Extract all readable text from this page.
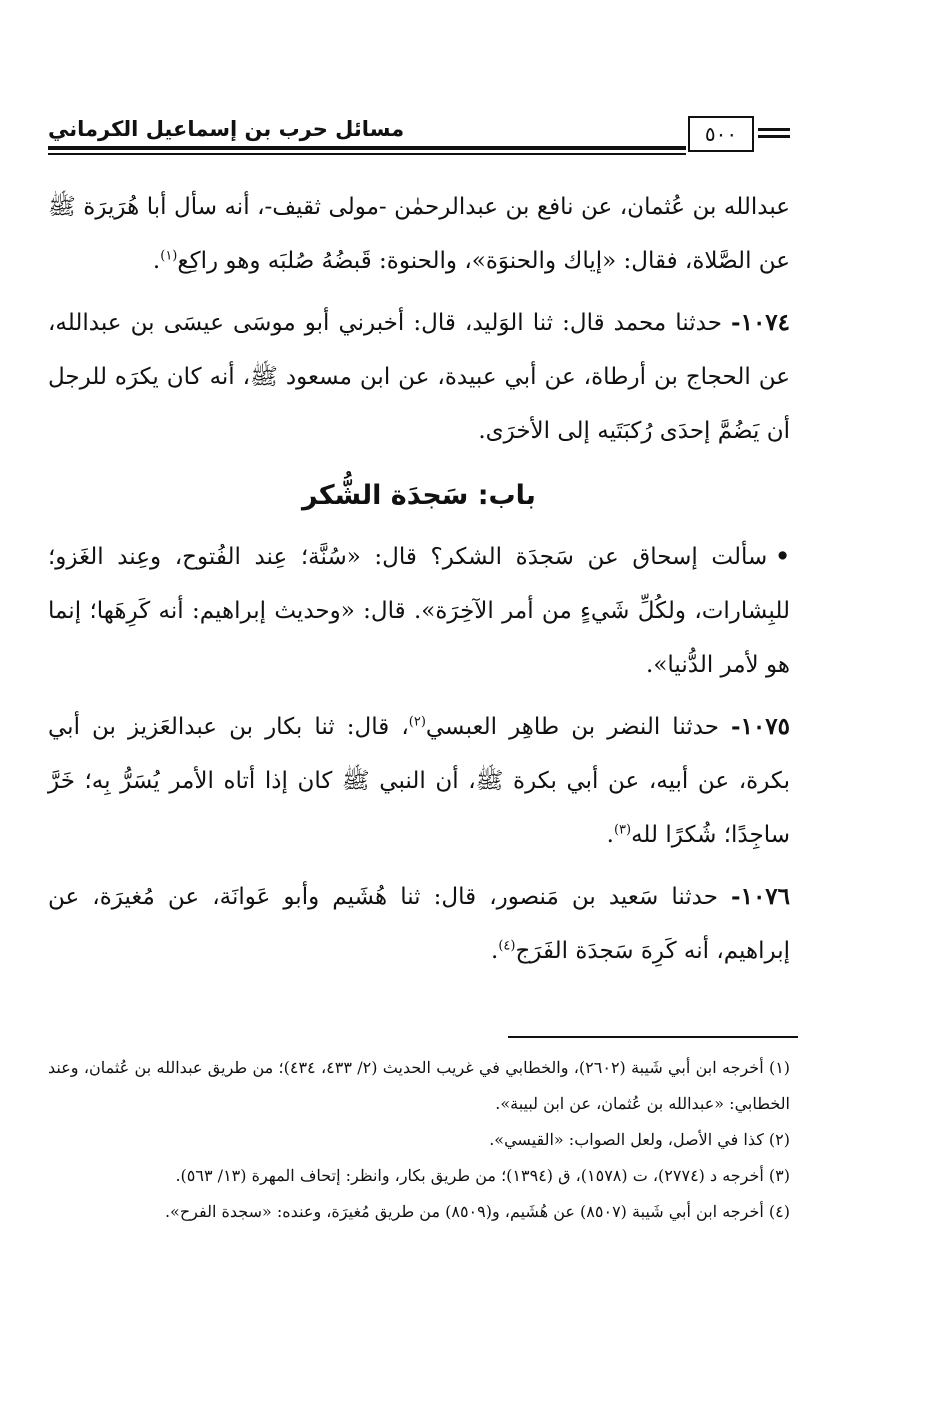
مسائل حرب بن إسماعيل الكرماني	٥٠٠

عبدالله بن عُثمان، عن نافع بن عبدالرحمٰن -مولى ثقيف-، أنه سأل أبا هُرَيرَة ﷺ عن الصَّلاة، فقال: «إياك والحنوَة»، والحنوة: قَبضُهُ صُلبَه وهو راكِع$^{(١)}$.

١٠٧٤- حدثنا محمد قال: ثنا الوَليد، قال: أخبرني أبو موسَى عيسَى بن عبدالله، عن الحجاج بن أرطاة، عن أبي عبيدة، عن ابن مسعود ﷺ، أنه كان يكرَه للرجل أن يَضُمَّ إحدَى رُكبَتَيه إلى الأخرَى.

باب: سَجدَة الشُّكر

•سألت إسحاق عن سَجدَة الشكر؟ قال: «سُنَّة؛ عِند الفُتوح، وعِند الغَزو؛ للبِشارات، ولكُلِّ شَيءٍ من أمر الآخِرَة». قال: «وحديث إبراهيم: أنه كَرِهَها؛ إنما هو لأمر الدُّنيا».

١٠٧٥- حدثنا النضر بن طاهِر العبسي$^{(٢)}$، قال: ثنا بكار بن عبدالعَزيز بن أبي بكرة، عن أبيه، عن أبي بكرة ﷺ، أن النبي ﷺ كان إذا أتاه الأمر يُسَرُّ بِه؛ خَرَّ ساجِدًا؛ شُكرًا لله$^{(٣)}$.

١٠٧٦- حدثنا سَعيد بن مَنصور، قال: ثنا هُشَيم وأبو عَوانَة، عن مُغيرَة، عن إبراهيم، أنه كَرِهَ سَجدَة الفَرَج$^{(٤)}$.

(١) أخرجه ابن أبي شَيبة (٢٦٠٢)، والخطابي في غريب الحديث (٢/ ٤٣٣، ٤٣٤)؛ من طريق عبدالله بن عُثمان، وعند الخطابي: «عبدالله بن عُثمان، عن ابن لبيبة».

(٢) كذا في الأصل، ولعل الصواب: «القيسي».

(٣) أخرجه د (٢٧٧٤)، ت (١٥٧٨)، ق (١٣٩٤)؛ من طريق بكار، وانظر: إتحاف المهرة (١٣/ ٥٦٣).

(٤) أخرجه ابن أبي شَيبة (٨٥٠٧) عن هُشَيم، و(٨٥٠٩) من طريق مُغيرَة، وعنده: «سجدة الفرح».
